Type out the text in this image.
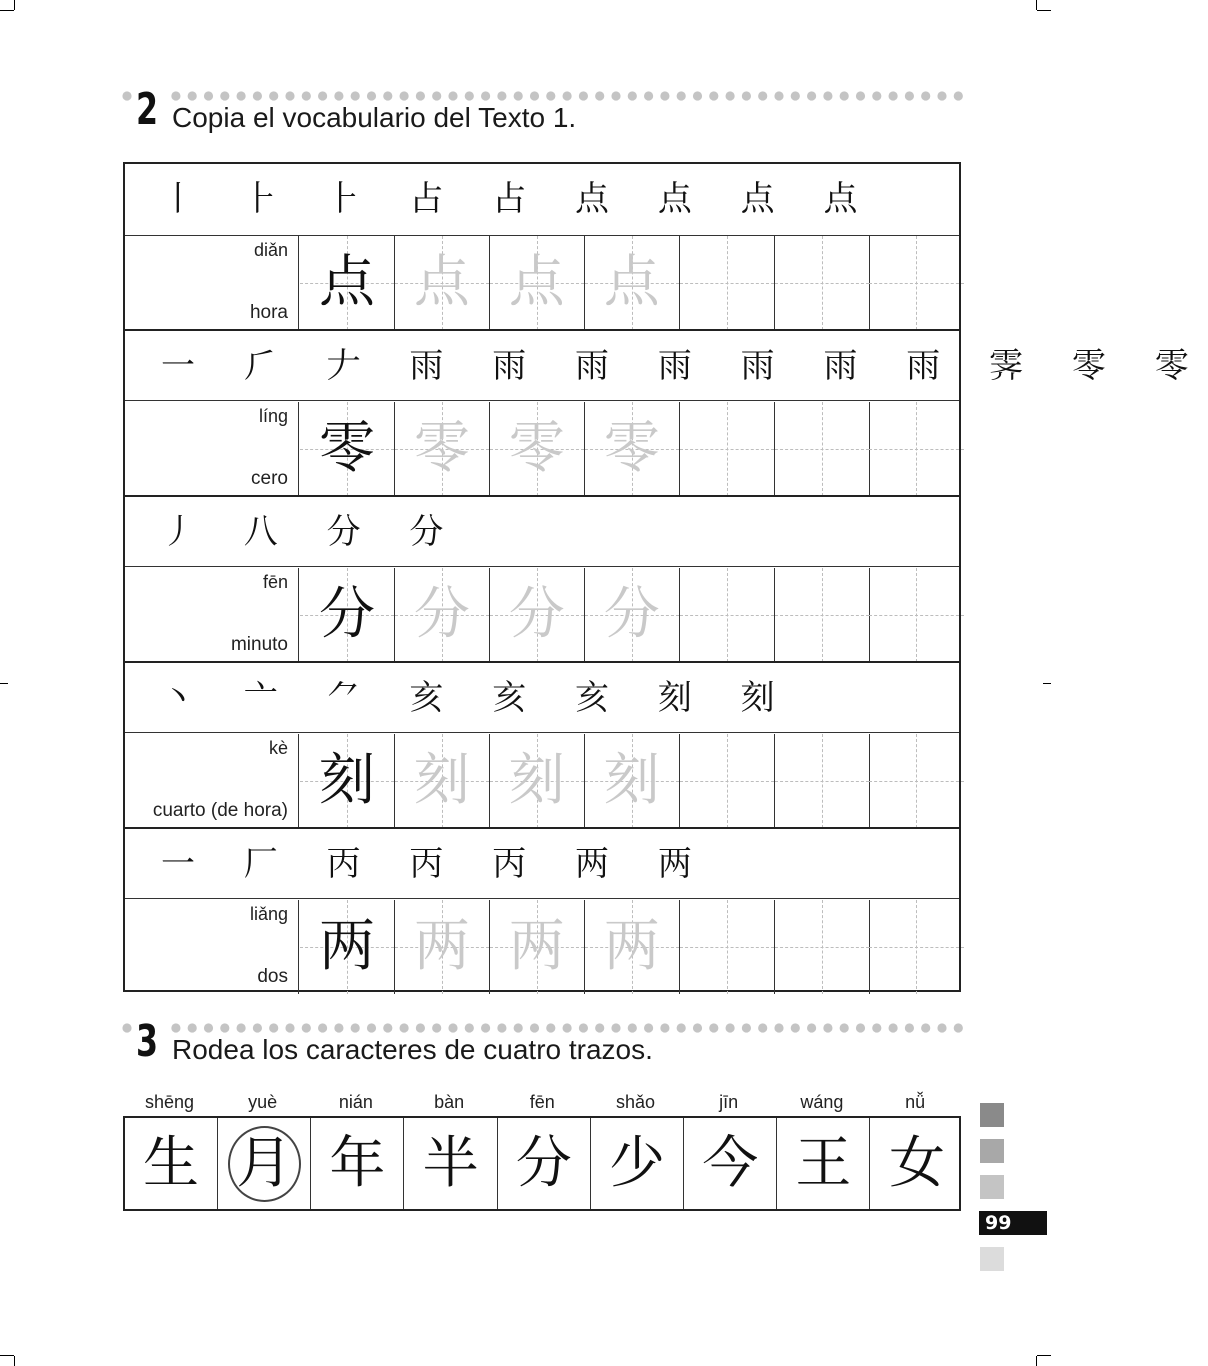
2 Copia el vocabulario del Texto 1.
丨 ⺊ ⺊ 占 占 点 点 点 点
diǎn
hora 点 点 点 点
一 ⺁ 𠂇 雨 雨 雨 雨 雨 雨 雨 霁 零 零
líng
cero 零 零 零 零
丿 八 分 分
fēn
minuto 分 分 分 分
丶 亠 ⺈ 亥 亥 亥 刻 刻
kè
cuarto (de hora) 刻 刻 刻 刻
一 厂 丙 丙 丙 两 两
liǎng
dos 两 两 两 两
3 Rodea los caracteres de cuatro trazos.
shēng	yuè	nián	bàn	fēn	shǎo	jīn	wáng	nǚ
生 月 年 半 分 少 今 王 女
99
